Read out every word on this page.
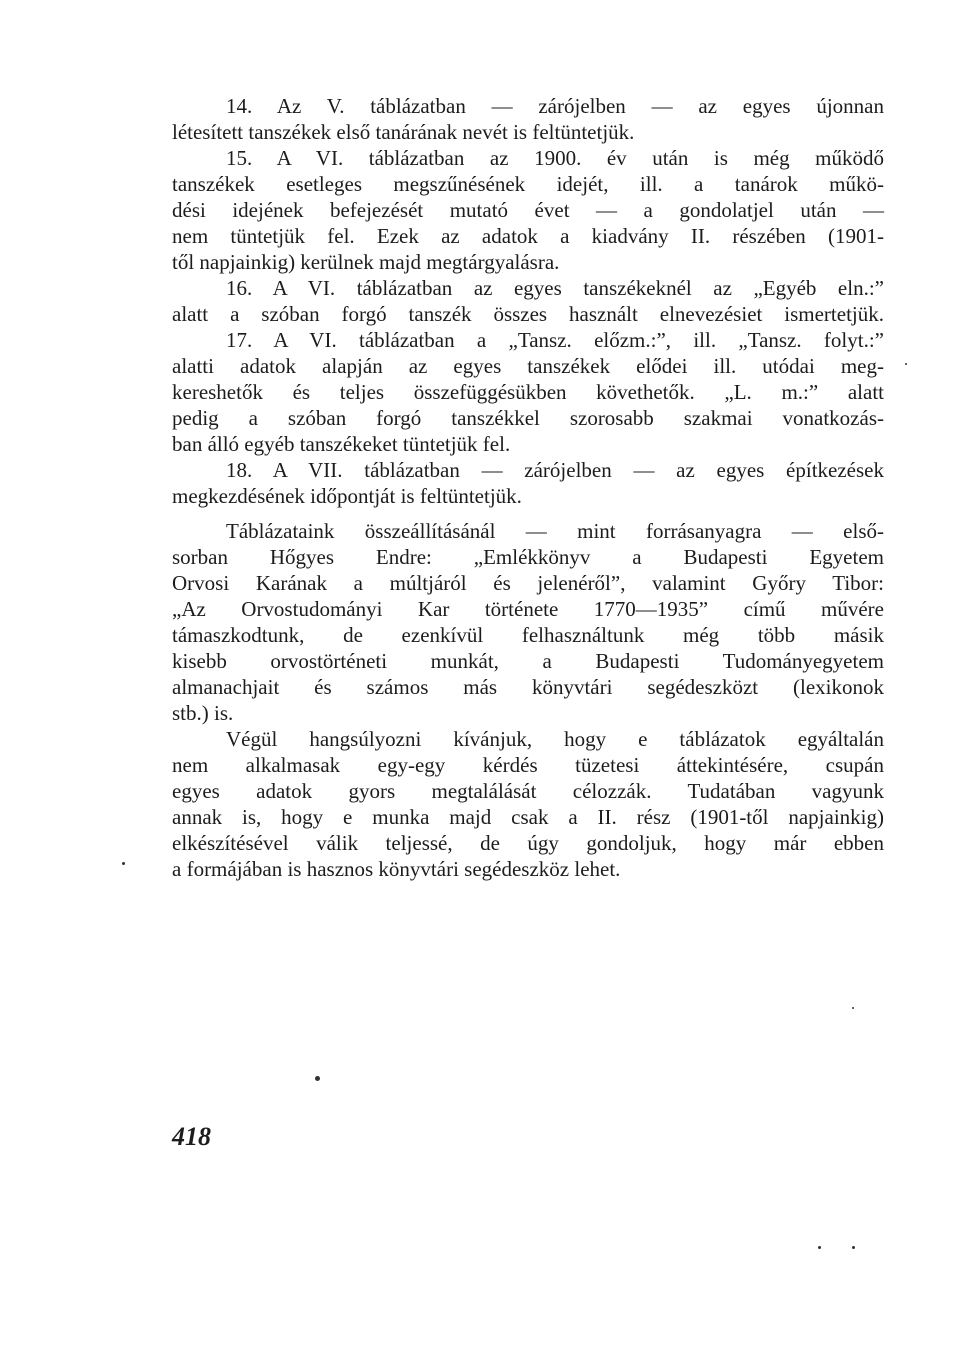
14. Az V. táblázatban — zárójelben — az egyes újonnan
létesített tanszékek első tanárának nevét is feltüntetjük.
15. A VI. táblázatban az 1900. év után is még működő
tanszékek esetleges megszűnésének idejét, ill. a tanárok műkö-
dési idejének befejezését mutató évet — a gondolatjel után —
nem tüntetjük fel. Ezek az adatok a kiadvány II. részében (1901-
től napjainkig) kerülnek majd megtárgyalásra.
16. A VI. táblázatban az egyes tanszékeknél az „Egyéb eln.:”
alatt a szóban forgó tanszék összes használt elnevezésiet ismertetjük.
17. A VI. táblázatban a „Tansz. előzm.:”, ill. „Tansz. folyt.:”
alatti adatok alapján az egyes tanszékek elődei ill. utódai meg-
kereshetők és teljes összefüggésükben követhetők. „L. m.:” alatt
pedig a szóban forgó tanszékkel szorosabb szakmai vonatkozás-
ban álló egyéb tanszékeket tüntetjük fel.
18. A VII. táblázatban — zárójelben — az egyes építkezések
megkezdésének időpontját is feltüntetjük.
Táblázataink összeállításánál — mint forrásanyagra — első-
sorban Hőgyes Endre: „Emlékkönyv a Budapesti Egyetem
Orvosi Karának a múltjáról és jelenéről”, valamint Győry Tibor:
„Az Orvostudományi Kar története 1770—1935” című művére
támaszkodtunk, de ezenkívül felhasználtunk még több másik
kisebb orvostörténeti munkát, a Budapesti Tudományegyetem
almanachjait és számos más könyvtári segédeszközt (lexikonok
stb.) is.
Végül hangsúlyozni kívánjuk, hogy e táblázatok egyáltalán
nem alkalmasak egy-egy kérdés tüzetesi áttekintésére, csupán
egyes adatok gyors megtalálását célozzák. Tudatában vagyunk
annak is, hogy e munka majd csak a II. rész (1901-től napjainkig)
elkészítésével válik teljessé, de úgy gondoljuk, hogy már ebben
a formájában is hasznos könyvtári segédeszköz lehet.
418
